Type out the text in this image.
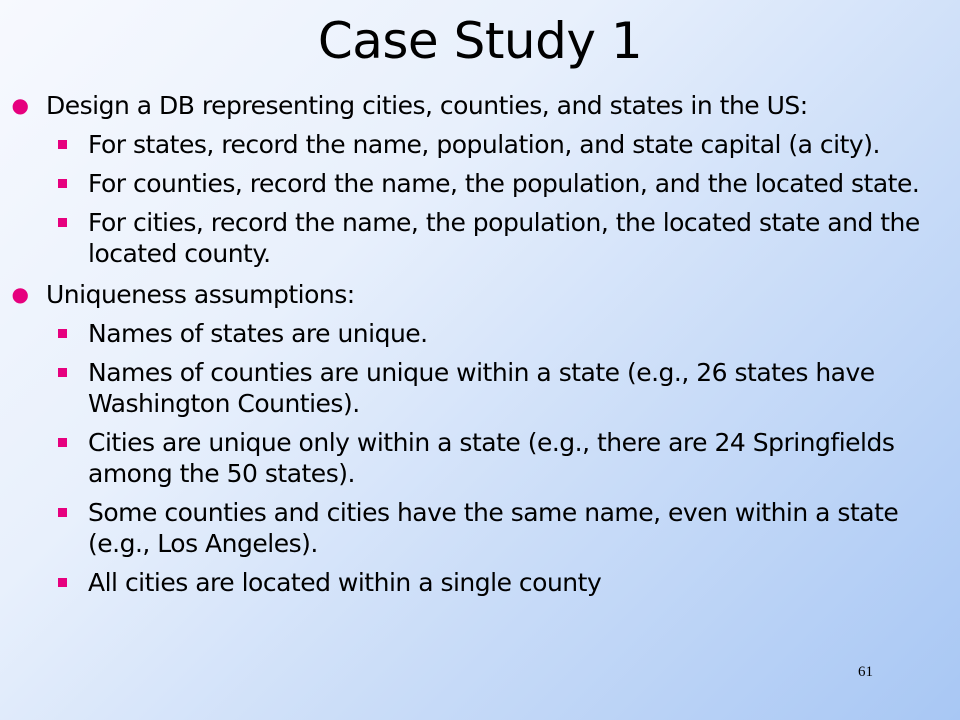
Case Study 1
● Design a DB representing cities, counties, and states in the US:
For states, record the name, population, and state capital (a city).
For counties, record the name, the population, and the located state.
For cities, record the name, the population, the located state and the located county.
● Uniqueness assumptions:
Names of states are unique.
Names of counties are unique within a state (e.g., 26 states have Washington Counties).
Cities are unique only within a state (e.g., there are 24 Springfields among the 50 states).
Some counties and cities have the same name, even within a state (e.g., Los Angeles).
All cities are located within a single county
61
